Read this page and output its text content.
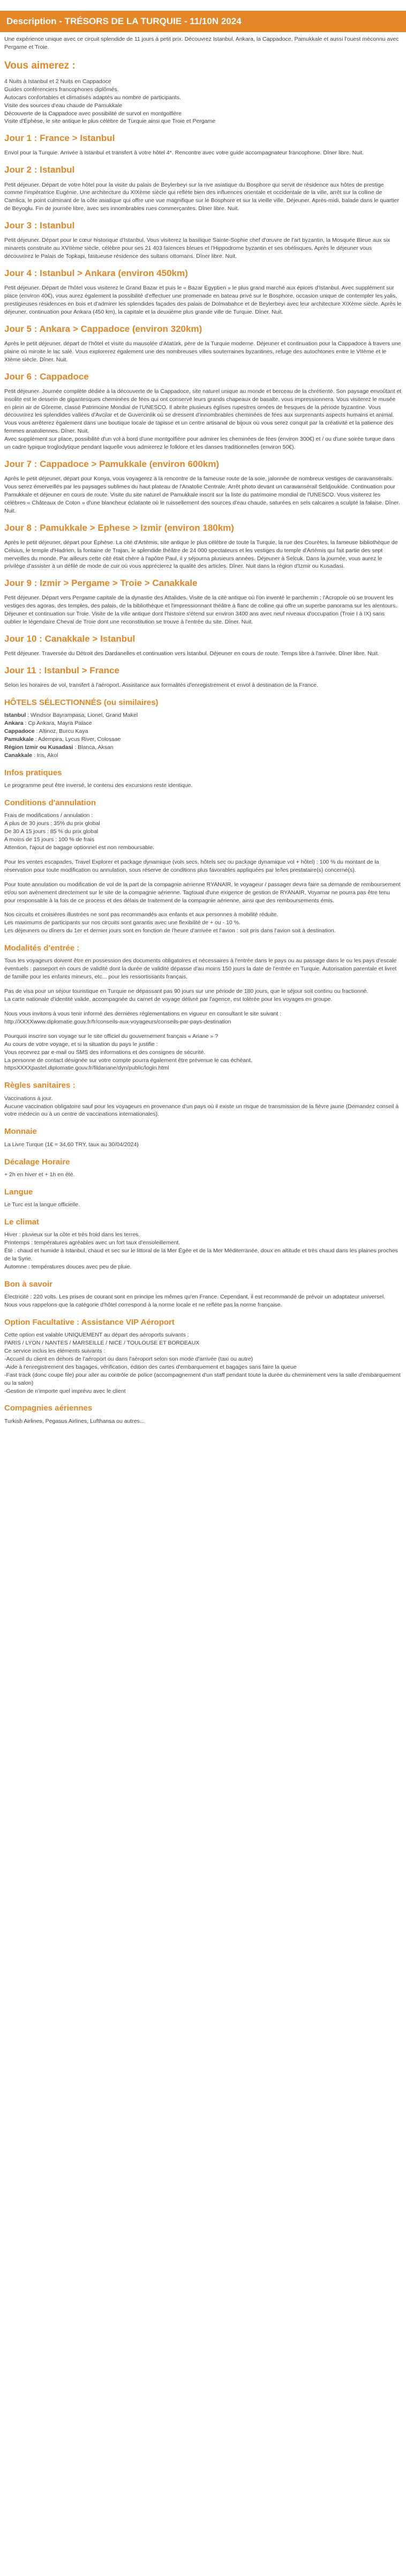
Description - TRÉSORS DE LA TURQUIE - 11/10N 2024

Une expérience unique avec ce circuit splendide de 11 jours à petit prix. Découvrez Istanbul, Ankara, la Cappadoce, Pamukkale et aussi l'ouest méconnu avec Pergame et Troie.

Vous aimerez :

4 Nuits à Istanbul et 2 Nuits en Cappadoce
Guides conférenciers francophones diplômés.
Autocars confortables et climatisés adaptés au nombre de participants.
Visite des sources d'eau chaude de Pamukkale
Découverte de la Cappadoce avec possibilité de survol en montgolfière
Visite d'Éphèse, le site antique le plus célèbre de Turquie ainsi que Troie et Pergame

Jour 1 : France > Istanbul

Envol pour la Turquie. Arrivée à Istanbul et transfert à votre hôtel 4*. Rencontre avec votre guide accompagnateur francophone. Dîner libre. Nuit.

Jour 2 : Istanbul

Petit déjeuner. Départ de votre hôtel pour la visite du palais de Beylerbeyi sur la rive asiatique du Bosphore qui servit de résidence aux hôtes de prestige comme l'impératrice Eugénie. Une architecture du XIXème siècle qui reflète bien des influences orientale et occidentale de la ville, arrêt sur la colline de Camlica, le point culminant de la côte asiatique qui offre une vue magnifique sur le Bosphore et sur la vieille ville. Déjeuner. Après-midi, balade dans le quartier de Beyoglu. Fin de journée libre, avec ses innombrables rues commerçantes. Dîner libre. Nuit.

Jour 3 : Istanbul

Petit déjeuner. Départ pour le cœur historique d'Istanbul. Vous visiterez la basilique Sainte-Sophie chef d'œuvre de l'art byzantin, la Mosquée Bleue aux six minarets construite au XVIIème siècle, célèbre pour ses 21 403 faïences bleues et l'Hippodrome byzantin et ses obélisques. Après le déjeuner vous découvrirez le Palais de Topkapi, fastueuse résidence des sultans ottomans. Dîner libre. Nuit.

Jour 4 : Istanbul > Ankara (environ 450km)

Petit déjeuner. Départ de l'hôtel vous visiterez le Grand Bazar et puis le « Bazar Égyptien » le plus grand marché aux épices d'Istanbul. Avec supplément sur place (environ 40€), vous aurez également la possibilité d'effectuer une promenade en bateau privé sur le Bosphore, occasion unique de contempler les yalis, prestigieuses résidences en bois et d'admirer les splendides façades des palais de Dolmabahce et de Beylerbeyi avec leur architecture XIXème siècle. Après le déjeuner, continuation pour Ankara (450 km), la capitale et la deuxième plus grande ville de Turquie. Dîner. Nuit.

Jour 5 : Ankara > Cappadoce (environ 320km)

Après le petit déjeuner, départ de l'hôtel et visite du mausolée d'Atatürk, père de la Turquie moderne. Déjeuner et continuation pour la Cappadoce à travers une plaine où miroite le lac salé. Vous explorerez également une des nombreuses villes souterraines byzantines, refuge des autochtones entre le VIIème et le XIème siècle. Dîner. Nuit.

Jour 6 : Cappadoce

Petit déjeuner. Journée complète dédiée à la découverte de la Cappadoce, site naturel unique au monde et berceau de la chrétienté. Son paysage envoûtant et insolite est le dessein de gigantesques cheminées de fées qui ont conservé leurs grands chapeaux de basalte, vous impressionnera. Vous visiterez le musée en plein air de Göreme, classé Patrimoine Mondial de l'UNESCO. Il abrite plusieurs églises rupestres ornées de fresques de la période byzantine. Vous découvrirez les splendides vallées d'Avcilar et de Guvercinlik où se dressent d'innombrables cheminées de fées aux surprenants aspects humains et animal. Vous vous arrêterez également dans une boutique locale de tapisse et un centre artisanal de bijoux où vous serez conquit par la créativité et la patience des femmes anatoliennes. Dîner. Nuit.
Avec supplément sur place, possibilité d'un vol à bord d'une montgolfière pour admirer les cheminées de fées (environ 300€) et / ou d'une soirée turque dans un cadre typique troglodytique pendant laquelle vous admirerez le folklore et les danses traditionnelles (environ 50€).

Jour 7 : Cappadoce > Pamukkale (environ 600km)

Après le petit déjeuner, départ pour Konya, vous voyagerez à la rencontre de la fameuse route de la soie, jalonnée de nombreux vestiges de caravansérails. Vous serez émerveillés par les paysages sublimes du haut plateau de l'Anatolie Centrale. Arrêt photo devant un caravansérail Seldjoukide. Continuation pour Pamukkale et déjeuner en cours de route. Visite du site naturel de Pamukkale inscrit sur la liste du patrimoine mondial de l'UNESCO. Vous visiterez les célèbres « Châteaux de Coton » d'une blancheur éclatante où le ruissellement des sources d'eau chaude, saturées en sels calcaires a sculpté la falaise. Dîner. Nuit.

Jour 8 : Pamukkale > Ephese > Izmir (environ 180km)

Après le petit déjeuner, départ pour Éphèse. La cité d'Artémis, site antique le plus célèbre de toute la Turquie, la rue des Courètes, la fameuse bibliothèque de Celsius, le temple d'Hadrien, la fontaine de Trajan, le splendide théâtre de 24 000 spectateurs et les vestiges du temple d'Artémis qui fait partie des sept merveilles du monde. Par ailleurs cette cité était chère à l'apôtre Paul, il y séjourna plusieurs années. Déjeuner à Selcuk. Dans la journée, vous aurez le privilège d'assister à un défilé de mode de cuir où vous apprécierez la qualité des articles. Dîner. Nuit dans la région d'Izmir ou Kusadasi.

Jour 9 : Izmir > Pergame > Troie > Canakkale

Petit déjeuner. Départ vers Pergame capitale de la dynastie des Attalides. Visite de la cité antique où l'on inventé le parchemin ; l'Acropole où se trouvent les vestiges des agoras, des temples, des palais, de la bibliothèque et l'impressionnant théâtre à flanc de colline qui offre un superbe panorama sur les alentours. Déjeuner et continuation sur Troie. Visite de la ville antique dont l'histoire s'étend sur environ 3400 ans avec neuf niveaux d'occupation (Troie I à IX) sans oublier le légendaire Cheval de Troie dont une reconstitution se trouve à l'entrée du site. Dîner. Nuit.

Jour 10 : Canakkale > Istanbul

Petit déjeuner. Traversée du Détroit des Dardanelles et continuation vers Istanbul. Déjeuner en cours de route. Temps libre à l'arrivée. Dîner libre. Nuit.

Jour 11 : Istanbul > France

Selon les horaires de vol, transfert à l'aéroport. Assistance aux formalités d'enregistrement et envol à destination de la France.

HÔTELS SÉLECTIONNÉS (ou similaires)

Istanbul : Windsor Bayrampasa, Lionel, Grand Makel
Ankara : Cp Ankara, Mayra Palace
Cappadoce : Altinoz, Burcu Kaya
Pamukkale : Adempira, Lycus River, Colossae
Région Izmir ou Kusadasi : Blanca, Aksan
Canakkale : Iris, Akol

Infos pratiques

Le programme peut être inversé, le contenu des excursions reste identique.

Conditions d'annulation

Frais de modifications / annulation :
A plus de 30 jours : 35% du prix global
De 30 A 15 jours : 85 % du prix global
A moins de 15 jours : 100 % de frais
Attention, l'ajout de bagage optionnel est non remboursable.

Pour les ventes escapades, Travel Explorer et package dynamique (vols secs, hôtels sec ou package dynamique vol + hôtel) : 100 % du montant de la réservation pour toute modification ou annulation, sous réserve de conditions plus favorables appliquées par le/les prestataire(s) concerné(s).

Pour toute annulation ou modification de vol de la part de la compagnie aérienne RYANAIR, le voyageur / passager devra faire sa demande de remboursement et/ou son avénement directement sur le site de la compagnie aérienne. Tagtoual d'une exigence de gestion de RYANAIR, Voyamar ne pourra pas être tenu pour responsable à la fois de ce process et des délais de traitement de la compagnie aérienne, ainsi que des remboursements émis.

Nos circuits et croisières illustrées ne sont pas recommandés aux enfants et aux personnes à mobilité réduite.
Les maximums de participants sur nos circuits sont garantis avec une flexibilité de + ou - 10 %.
Les déjeuners ou dîners du 1er et dernier jours sont en fonction de l'heure d'arrivée et l'avion : soit pris dans l'avion soit à destination.

Modalités d'entrée :

Tous les voyageurs doivent être en possession des documents obligatoires et nécessaires à l'entrée dans le pays ou au passage dans le ou les pays d'escale éventuels : passeport en cours de validité dont la durée de validité dépasse d'au moins 150 jours la date de l'entrée en Turquie. Autorisation parentale et livret de famille pour les enfants mineurs, etc... pour les ressortissants français.

Pas de visa pour un séjour touristique en Turquie ne dépassant pas 90 jours sur une période de 180 jours, que le séjour soit continu ou fractionné.
La carte nationale d'identité valide, accompagnée du carnet de voyage délivré par l'agence, est tolérée pour les voyages en groupe.

Nous vous invitons à vous tenir informé des dernières réglementations en vigueur en consultant le site suivant :
http://XXXXwww.diplomatie.gouv.fr/fr/conseils-aux-voyageurs/conseils-par-pays-destination

Pourquoi inscrire son voyage sur le site officiel du gouvernement français « Ariane » ?
Au cours de votre voyage, et si la situation du pays le justifie :
Vous recevrez par e-mail ou SMS des informations et des consignes de sécurité.
La personne de contact désignée sur votre compte pourra également être prévenue le cas échéant.
httpsXXXXpastel.diplomatie.gouv.fr/fildariane/dyn/public/login.html

Règles sanitaires :

Vaccinations à jour.
Aucune vaccination obligatoire sauf pour les voyageurs en provenance d'un pays où il existe un risque de transmission de la fièvre jaune (Demandez conseil à votre médecin ou à un centre de vaccinations internationales).

Monnaie

La Livre Turque (1€ = 34,60 TRY, taux au 30/04/2024)

Décalage Horaire

+ 2h en hiver et + 1h en été.

Langue

Le Turc est la langue officielle.

Le climat

Hiver : pluvieux sur la côte et très froid dans les terres.
Printemps : températures agréables avec un fort taux d'ensoleillement.
Été : chaud et humide à Istanbul, chaud et sec sur le littoral de la Mer Égée et de la Mer Méditerranée, doux en altitude et très chaud dans les plaines proches de la Syrie.
Automne : températures douces avec peu de pluie.

Bon à savoir

Électricité : 220 volts. Les prises de courant sont en principe les mêmes qu'en France. Cependant, il est recommandé de prévoir un adaptateur universel.
Nous vous rappelons que la catégorie d'hôtel correspond à la norme locale et ne reflète pas la norme française.

Option Facultative : Assistance VIP Aéroport

Cette option est valable UNIQUEMENT au départ des aéroports suivants :
PARIS / LYON / NANTES / MARSEILLE / NICE / TOULOUSE ET BORDEAUX
Ce service inclus les éléments suivants :
-Accueil du client en dehors de l'aéroport ou dans l'aéroport selon son mode d'arrivée (taxi ou autre)
-Aide à l'enregistrement des bagages, vérification, édition des cartes d'embarquement et bagages sans faire la queue
-Fast track (donc coupe file) pour aller au contrôle de police (accompagnement d'un staff pendant toute la durée du cheminement vers la salle d'embarquement ou la salon)
-Gestion de n'importe quel imprévu avec le client

Compagnies aériennes

Turkish Airlines, Pegasus Airlines, Lufthansa ou autres...
